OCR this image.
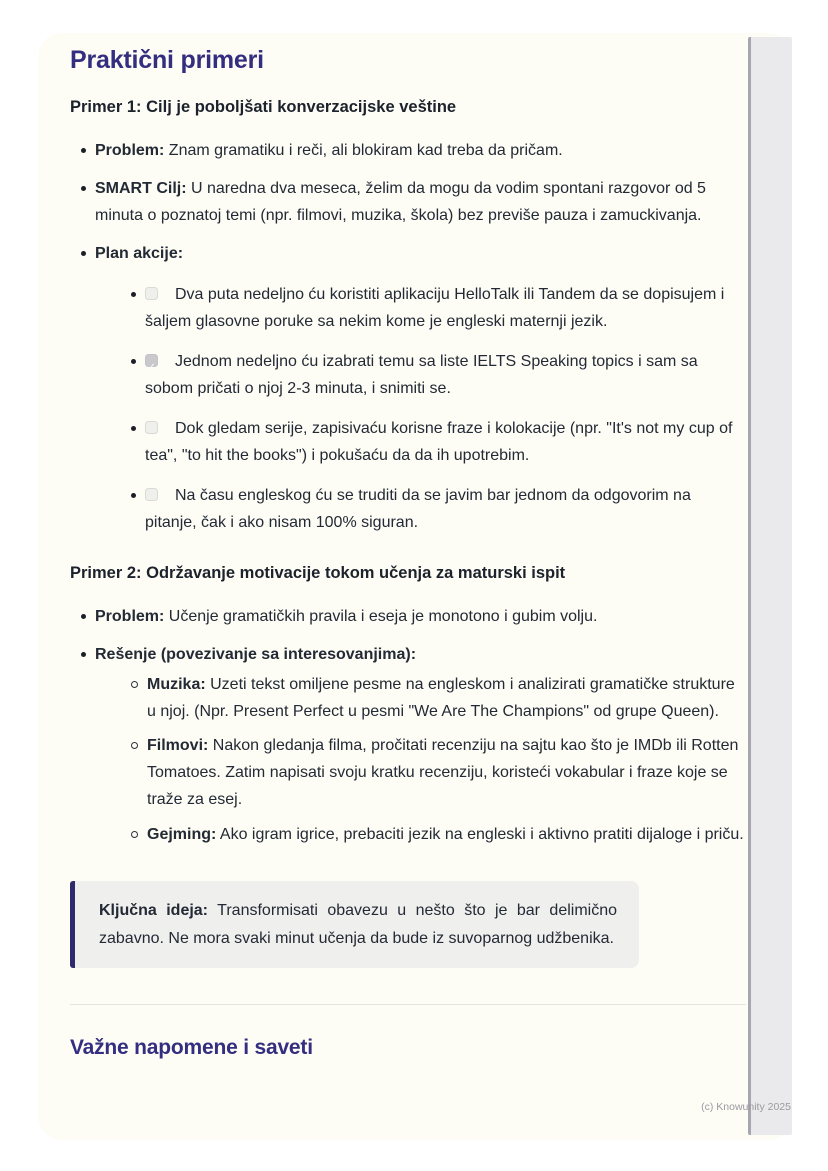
Praktični primeri
Primer 1: Cilj je poboljšati konverzacijske veštine
Problem: Znam gramatiku i reči, ali blokiram kad treba da pričam.
SMART Cilj: U naredna dva meseca, želim da mogu da vodim spontani razgovor od 5 minuta o poznatoj temi (npr. filmovi, muzika, škola) bez previše pauza i zamuckivanja.
Plan akcije:
Dva puta nedeljno ću koristiti aplikaciju HelloTalk ili Tandem da se dopisujem i šaljem glasovne poruke sa nekim kome je engleski maternji jezik.
✓Jednom nedeljno ću izabrati temu sa liste IELTS Speaking topics i sam sa sobom pričati o njoj 2-3 minuta, i snimiti se.
Dok gledam serije, zapisivaću korisne fraze i kolokacije (npr. "It's not my cup of tea", "to hit the books") i pokušaću da da ih upotrebim.
Na času engleskog ću se truditi da se javim bar jednom da odgovorim na pitanje, čak i ako nisam 100% siguran.
Primer 2: Održavanje motivacije tokom učenja za maturski ispit
Problem: Učenje gramatičkih pravila i eseja je monotono i gubim volju.
Rešenje (povezivanje sa interesovanjima):
Muzika: Uzeti tekst omiljene pesme na engleskom i analizirati gramatičke strukture u njoj. (Npr. Present Perfect u pesmi "We Are The Champions" od grupe Queen).
Filmovi: Nakon gledanja filma, pročitati recenziju na sajtu kao što je IMDb ili Rotten Tomatoes. Zatim napisati svoju kratku recenziju, koristeći vokabular i fraze koje se traže za esej.
Gejming: Ako igram igrice, prebaciti jezik na engleski i aktivno pratiti dijaloge i priču.

Ključna ideja: Transformisati obavezu u nešto što je bar delimično zabavno. Ne mora svaki minut učenja da bude iz suvoparnog udžbenika.

Važne napomene i saveti
(c) Knowunity 2025
